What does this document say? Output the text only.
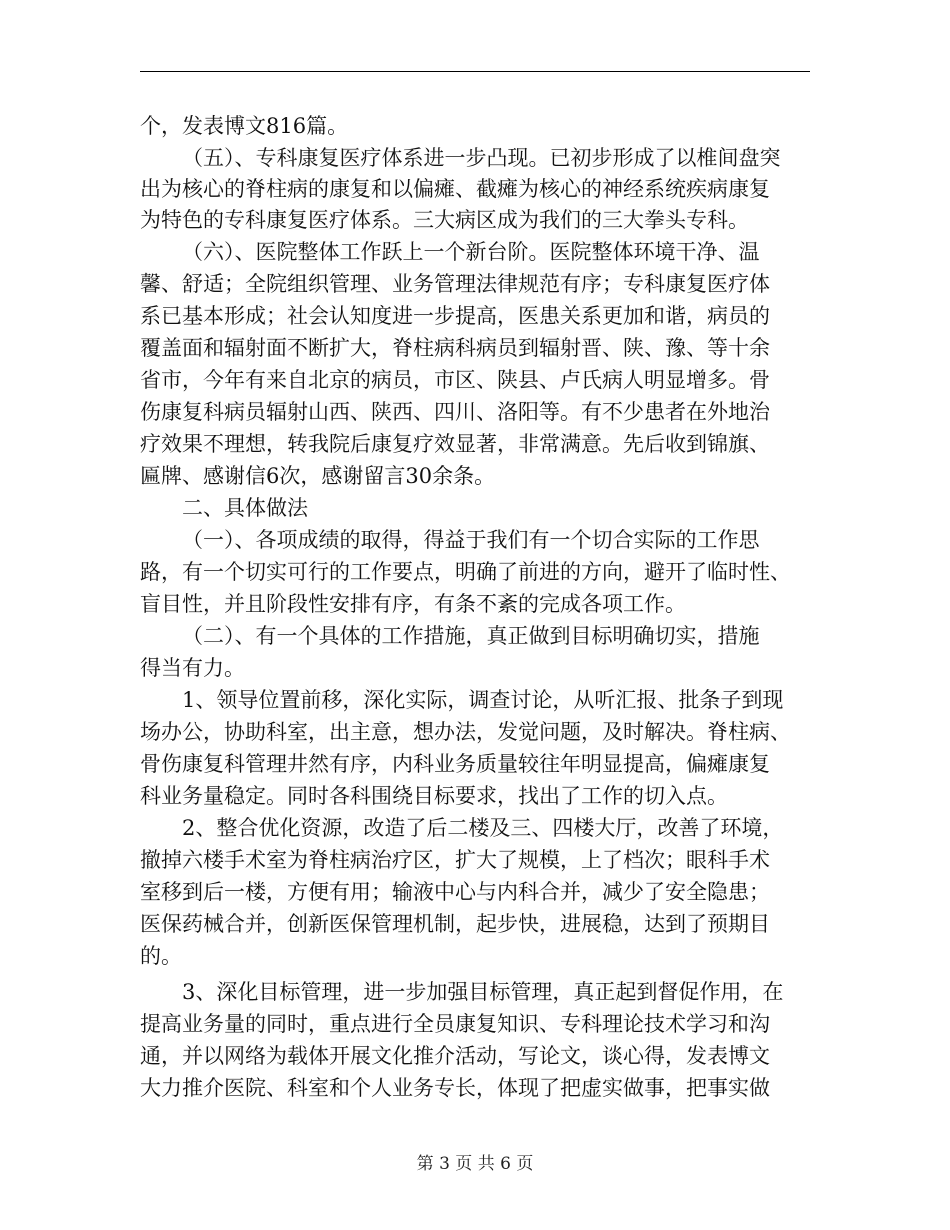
个，发表博文816篇。
（五）、专科康复医疗体系进一步凸现。已初步形成了以椎间盘突
出为核心的脊柱病的康复和以偏瘫、截瘫为核心的神经系统疾病康复
为特色的专科康复医疗体系。三大病区成为我们的三大拳头专科。
（六）、医院整体工作跃上一个新台阶。医院整体环境干净、温
馨、舒适；全院组织管理、业务管理法律规范有序；专科康复医疗体
系已基本形成；社会认知度进一步提高，医患关系更加和谐，病员的
覆盖面和辐射面不断扩大，脊柱病科病员到辐射晋、陕、豫、等十余
省市，今年有来自北京的病员，市区、陕县、卢氏病人明显增多。骨
伤康复科病员辐射山西、陕西、四川、洛阳等。有不少患者在外地治
疗效果不理想，转我院后康复疗效显著，非常满意。先后收到锦旗、
匾牌、感谢信6次，感谢留言30余条。
二、具体做法
（一）、各项成绩的取得，得益于我们有一个切合实际的工作思
路，有一个切实可行的工作要点，明确了前进的方向，避开了临时性、
盲目性，并且阶段性安排有序，有条不紊的完成各项工作。
（二）、有一个具体的工作措施，真正做到目标明确切实，措施
得当有力。
1、领导位置前移，深化实际，调查讨论，从听汇报、批条子到现
场办公，协助科室，出主意，想办法，发觉问题，及时解决。脊柱病、
骨伤康复科管理井然有序，内科业务质量较往年明显提高，偏瘫康复
科业务量稳定。同时各科围绕目标要求，找出了工作的切入点。
2、整合优化资源，改造了后二楼及三、四楼大厅，改善了环境，
撤掉六楼手术室为脊柱病治疗区，扩大了规模，上了档次；眼科手术
室移到后一楼，方便有用；输液中心与内科合并，减少了安全隐患；
医保药械合并，创新医保管理机制，起步快，进展稳，达到了预期目
的。
3、深化目标管理，进一步加强目标管理，真正起到督促作用，在
提高业务量的同时，重点进行全员康复知识、专科理论技术学习和沟
通，并以网络为载体开展文化推介活动，写论文，谈心得，发表博文
大力推介医院、科室和个人业务专长，体现了把虚实做事，把事实做
第 3 页 共 6 页
